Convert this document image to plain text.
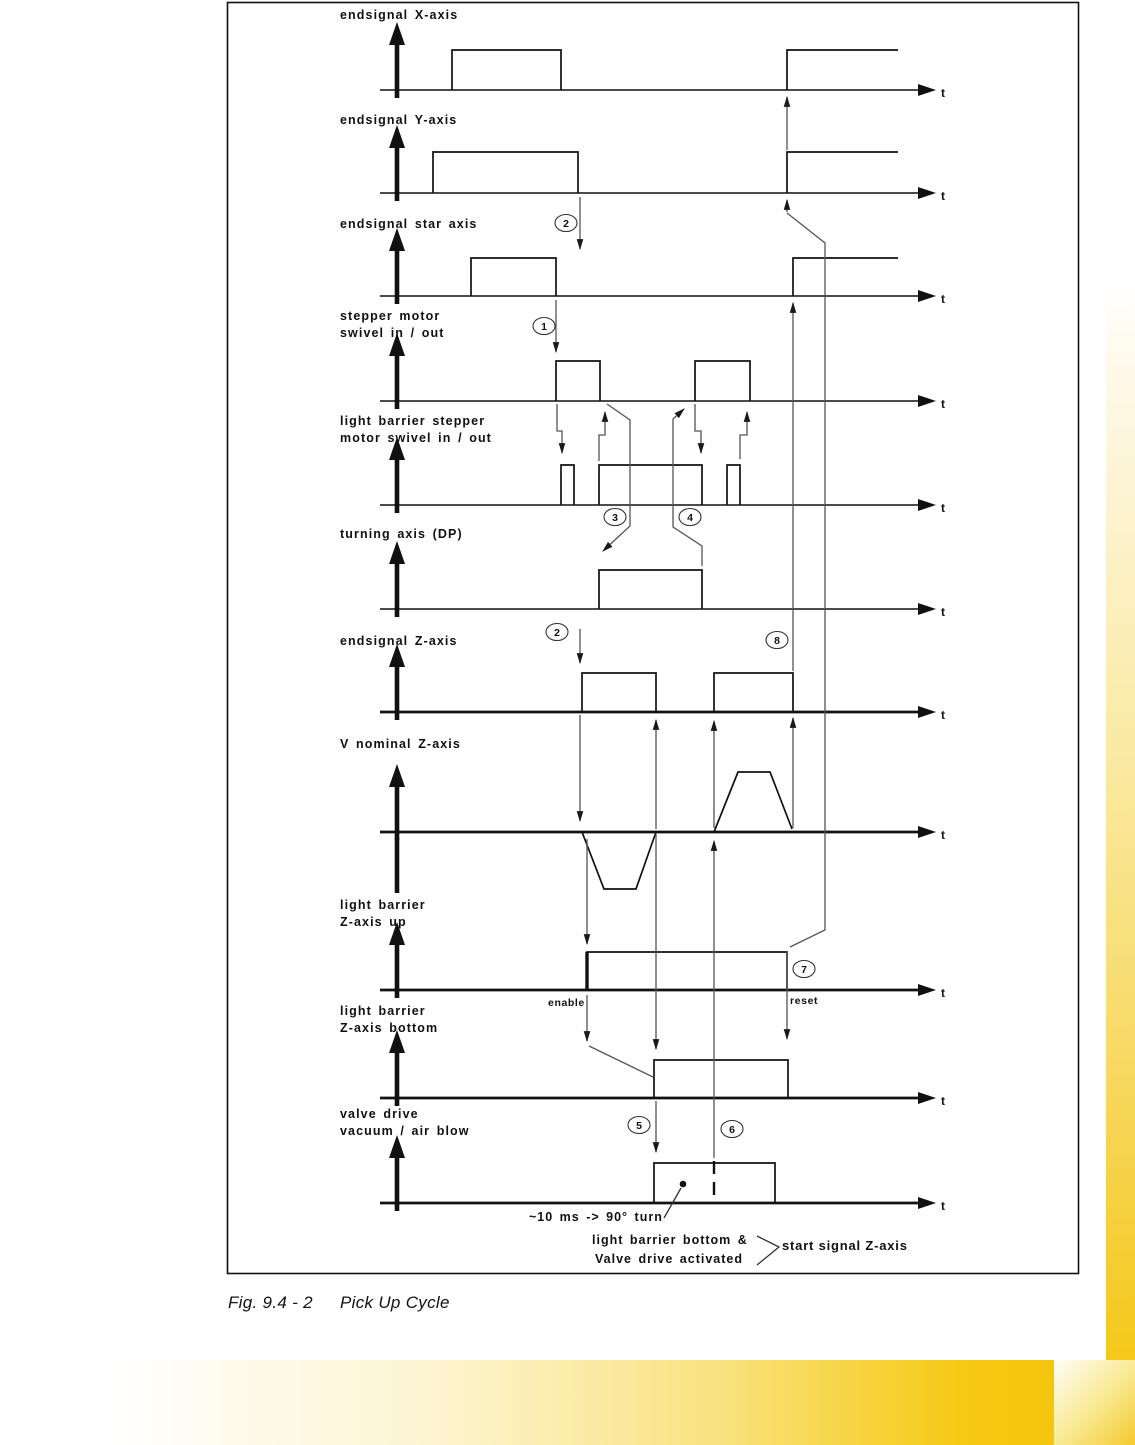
t
t
t
t
t
t
t
t
t
t
t
endsignal X-axis
endsignal Y-axis
endsignal star axis
stepper motor
swivel in / out
light barrier stepper
motor swivel in / out
turning axis (DP)
endsignal Z-axis
V nominal Z-axis
light barrier
Z-axis up
light barrier
Z-axis bottom
valve drive
vacuum / air blow
2
1
3	4
2
8
7
5	6
enable	reset
~10 ms -> 90° turn
light barrier bottom &
Valve drive activated
start signal Z-axis
Fig. 9.4 - 2 Pick Up Cycle
